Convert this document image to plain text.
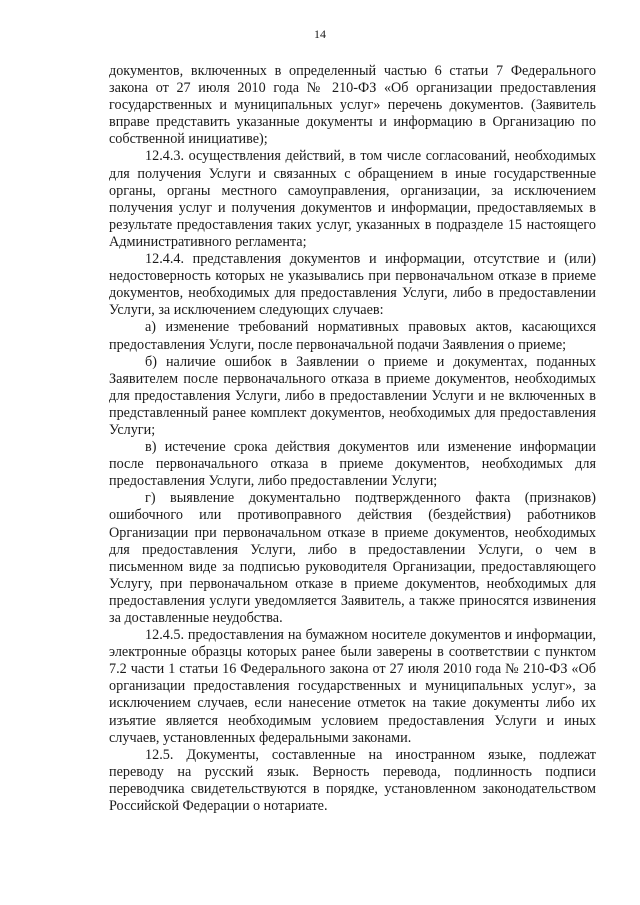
14

документов, включенных в определенный частью 6 статьи 7 Федерального закона от 27 июля 2010 года № 210-ФЗ «Об организации предоставления государственных и муниципальных услуг» перечень документов. (Заявитель вправе представить указанные документы и информацию в Организацию по собственной инициативе);

12.4.3. осуществления действий, в том числе согласований, необходимых для получения Услуги и связанных с обращением в иные государственные органы, органы местного самоуправления, организации, за исключением получения услуг и получения документов и информации, предоставляемых в результате предоставления таких услуг, указанных в подразделе 15 настоящего Административного регламента;

12.4.4. представления документов и информации, отсутствие и (или) недостоверность которых не указывались при первоначальном отказе в приеме документов, необходимых для предоставления Услуги, либо в предоставлении Услуги, за исключением следующих случаев:

а) изменение требований нормативных правовых актов, касающихся предоставления Услуги, после первоначальной подачи Заявления о приеме;

б) наличие ошибок в Заявлении о приеме и документах, поданных Заявителем после первоначального отказа в приеме документов, необходимых для предоставления Услуги, либо в предоставлении Услуги и не включенных в представленный ранее комплект документов, необходимых для предоставления Услуги;

в) истечение срока действия документов или изменение информации после первоначального отказа в приеме документов, необходимых для предоставления Услуги, либо предоставлении Услуги;

г) выявление документально подтвержденного факта (признаков) ошибочного или противоправного действия (бездействия) работников Организации при первоначальном отказе в приеме документов, необходимых для предоставления Услуги, либо в предоставлении Услуги, о чем в письменном виде за подписью руководителя Организации, предоставляющего Услугу, при первоначальном отказе в приеме документов, необходимых для предоставления услуги уведомляется Заявитель, а также приносятся извинения за доставленные неудобства.

12.4.5. предоставления на бумажном носителе документов и информации, электронные образцы которых ранее были заверены в соответствии с пунктом 7.2 части 1 статьи 16 Федерального закона от 27 июля 2010 года № 210-ФЗ «Об организации предоставления государственных и муниципальных услуг», за исключением случаев, если нанесение отметок на такие документы либо их изъятие является необходимым условием предоставления Услуги и иных случаев, установленных федеральными законами.

12.5. Документы, составленные на иностранном языке, подлежат переводу на русский язык. Верность перевода, подлинность подписи переводчика свидетельствуются в порядке, установленном законодательством Российской Федерации о нотариате.
